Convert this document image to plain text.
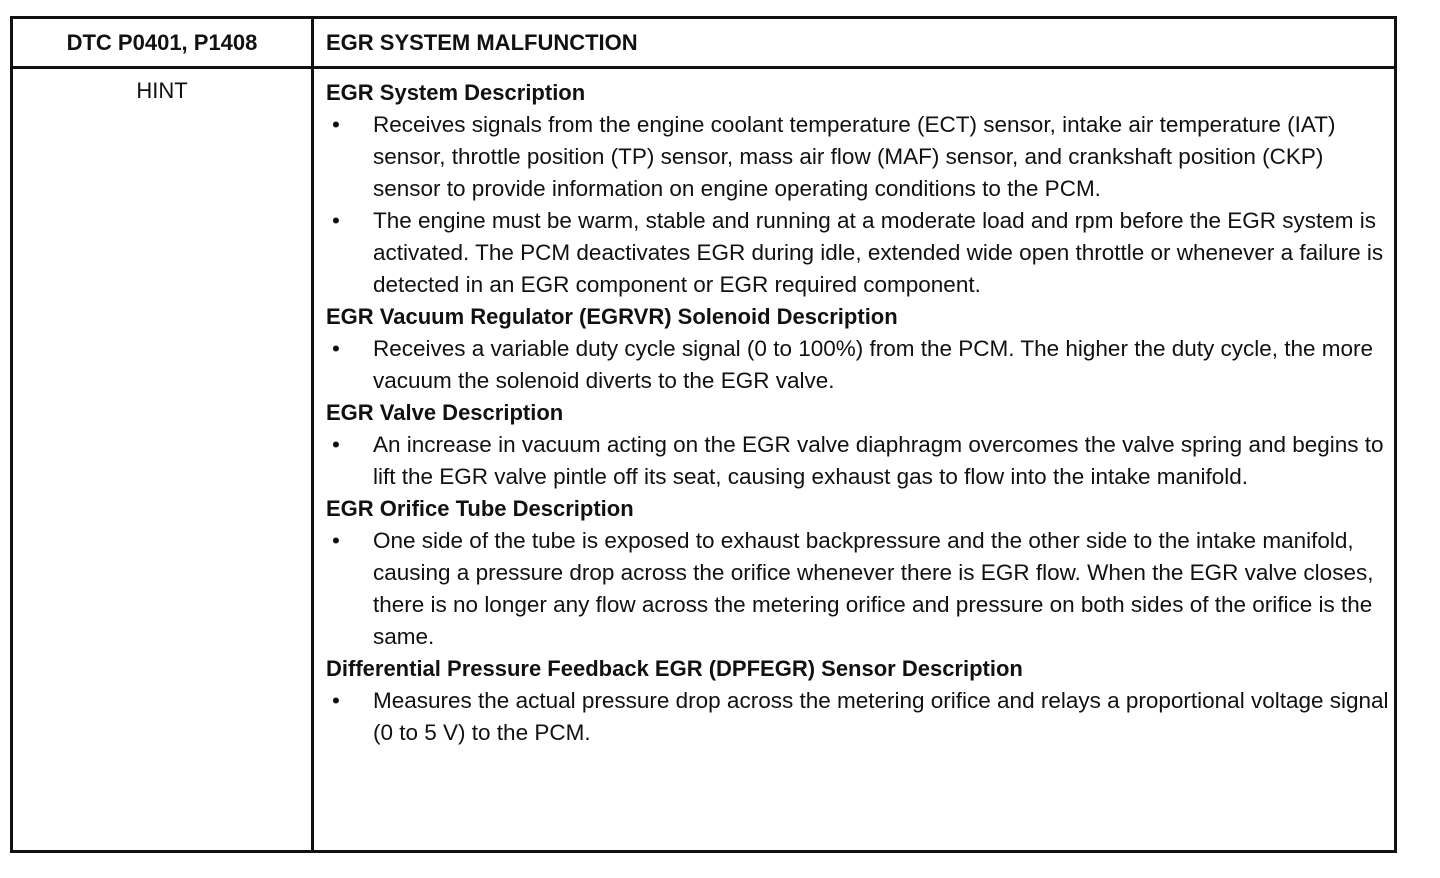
DTC P0401, P1408	EGR SYSTEM MALFUNCTION
HINT	EGR System Description
• Receives signals from the engine coolant temperature (ECT) sensor, intake air temperature (IAT) sensor, throttle position (TP) sensor, mass air flow (MAF) sensor, and crankshaft position (CKP) sensor to provide information on engine operating conditions to the PCM.
• The engine must be warm, stable and running at a moderate load and rpm before the EGR system is activated. The PCM deactivates EGR during idle, extended wide open throttle or whenever a failure is detected in an EGR component or EGR required component.
EGR Vacuum Regulator (EGRVR) Solenoid Description
• Receives a variable duty cycle signal (0 to 100%) from the PCM. The higher the duty cycle, the more vacuum the solenoid diverts to the EGR valve.
EGR Valve Description
• An increase in vacuum acting on the EGR valve diaphragm overcomes the valve spring and begins to lift the EGR valve pintle off its seat, causing exhaust gas to flow into the intake manifold.
EGR Orifice Tube Description
• One side of the tube is exposed to exhaust backpressure and the other side to the intake manifold, causing a pressure drop across the orifice whenever there is EGR flow. When the EGR valve closes, there is no longer any flow across the metering orifice and pressure on both sides of the orifice is the same.
Differential Pressure Feedback EGR (DPFEGR) Sensor Description
• Measures the actual pressure drop across the metering orifice and relays a proportional voltage signal (0 to 5 V) to the PCM.
